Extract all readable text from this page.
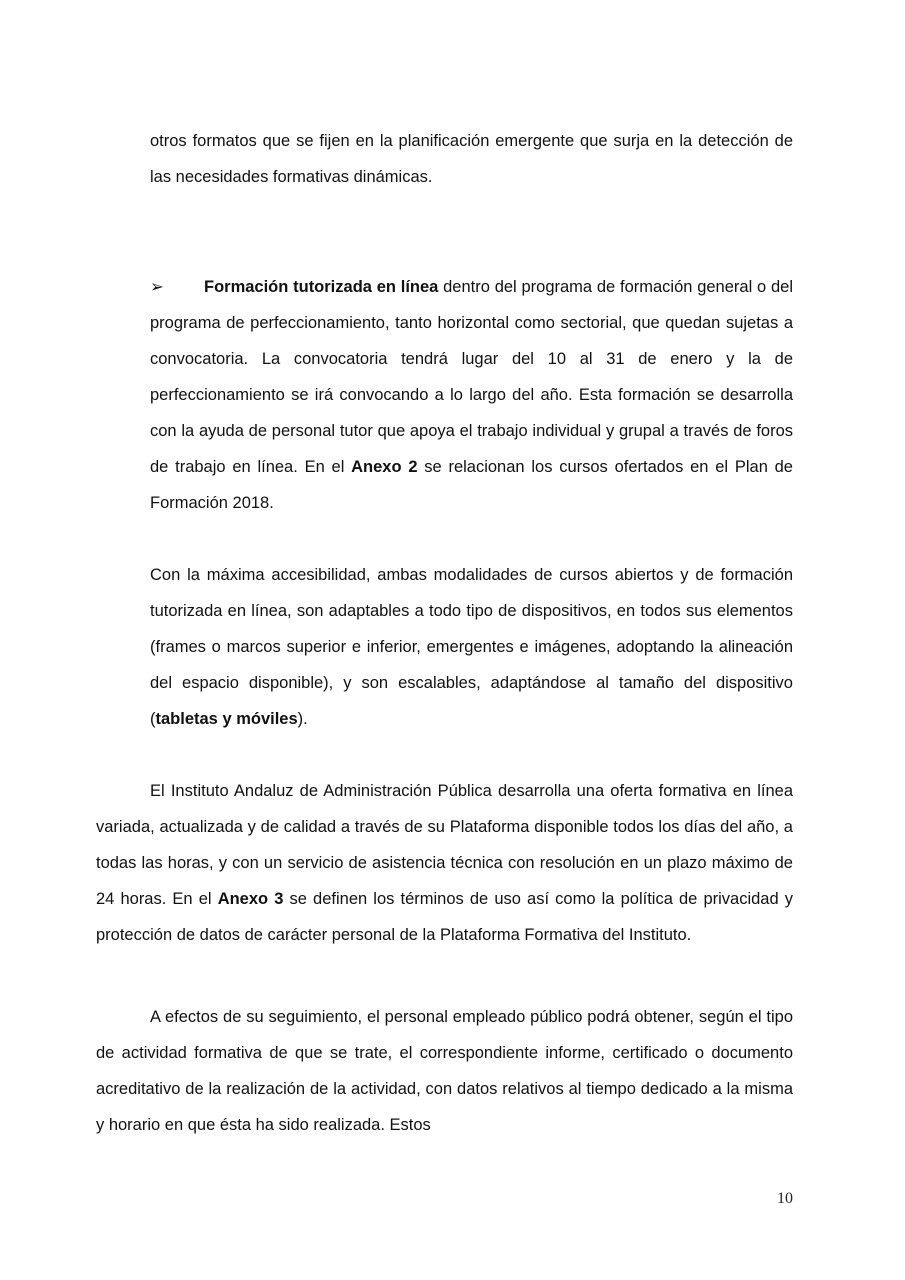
otros formatos que se fijen en la planificación emergente que surja en la detección de las necesidades formativas dinámicas.

➢ Formación tutorizada en línea dentro del programa de formación general o del programa de perfeccionamiento, tanto horizontal como sectorial, que quedan sujetas a convocatoria. La convocatoria tendrá lugar del 10 al 31 de enero y la de perfeccionamiento se irá convocando a lo largo del año. Esta formación se desarrolla con la ayuda de personal tutor que apoya el trabajo individual y grupal a través de foros de trabajo en línea. En el Anexo 2 se relacionan los cursos ofertados en el Plan de Formación 2018.

Con la máxima accesibilidad, ambas modalidades de cursos abiertos y de formación tutorizada en línea, son adaptables a todo tipo de dispositivos, en todos sus elementos (frames o marcos superior e inferior, emergentes e imágenes, adoptando la alineación del espacio disponible), y son escalables, adaptándose al tamaño del dispositivo (tabletas y móviles).

El Instituto Andaluz de Administración Pública desarrolla una oferta formativa en línea variada, actualizada y de calidad a través de su Plataforma disponible todos los días del año, a todas las horas, y con un servicio de asistencia técnica con resolución en un plazo máximo de 24 horas. En el Anexo 3 se definen los términos de uso así como la política de privacidad y protección de datos de carácter personal de la Plataforma Formativa del Instituto.

A efectos de su seguimiento, el personal empleado público podrá obtener, según el tipo de actividad formativa de que se trate, el correspondiente informe, certificado o documento acreditativo de la realización de la actividad, con datos relativos al tiempo dedicado a la misma y horario en que ésta ha sido realizada. Estos

10
